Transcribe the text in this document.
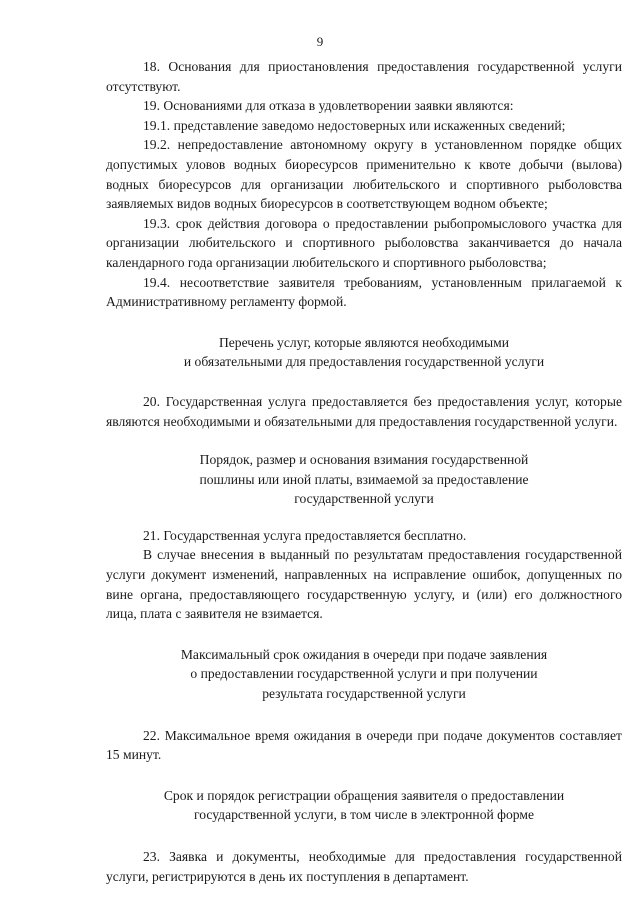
9

18. Основания для приостановления предоставления государственной услуги отсутствуют.

19. Основаниями для отказа в удовлетворении заявки являются:

19.1. представление заведомо недостоверных или искаженных сведений;

19.2. непредоставление автономному округу в установленном порядке общих допустимых уловов водных биоресурсов применительно к квоте добычи (вылова) водных биоресурсов для организации любительского и спортивного рыболовства заявляемых видов водных биоресурсов в соответствующем водном объекте;

19.3. срок действия договора о предоставлении рыбопромыслового участка для организации любительского и спортивного рыболовства заканчивается до начала календарного года организации любительского и спортивного рыболовства;

19.4. несоответствие заявителя требованиям, установленным прилагаемой к Административному регламенту формой.

Перечень услуг, которые являются необходимыми
и обязательными для предоставления государственной услуги

20. Государственная услуга предоставляется без предоставления услуг, которые являются необходимыми и обязательными для предоставления государственной услуги.

Порядок, размер и основания взимания государственной
пошлины или иной платы, взимаемой за предоставление
государственной услуги

21. Государственная услуга предоставляется бесплатно.

В случае внесения в выданный по результатам предоставления государственной услуги документ изменений, направленных на исправление ошибок, допущенных по вине органа, предоставляющего государственную услугу, и (или) его должностного лица, плата с заявителя не взимается.

Максимальный срок ожидания в очереди при подаче заявления
о предоставлении государственной услуги и при получении
результата государственной услуги

22. Максимальное время ожидания в очереди при подаче документов составляет 15 минут.

Срок и порядок регистрации обращения заявителя о предоставлении
государственной услуги, в том числе в электронной форме

23. Заявка и документы, необходимые для предоставления государственной услуги, регистрируются в день их поступления в департамент.
